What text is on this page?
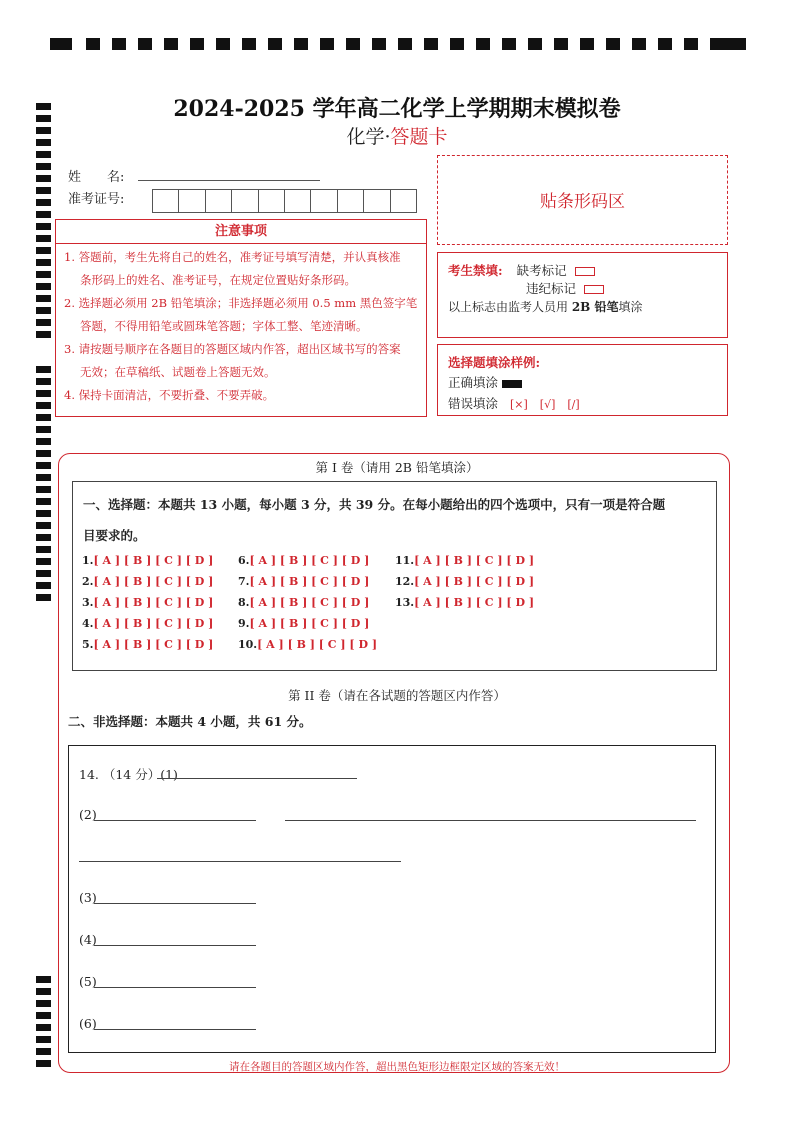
2024-2025 学年高二化学上学期期末模拟卷
化学·答题卡
姓　　名:
准考证号:	贴条形码区
注意事项
1. 答题前，考生先将自己的姓名，准考证号填写清楚，并认真核准
条形码上的姓名、准考证号，在规定位置贴好条形码。
2. 选择题必须用 2B 铅笔填涂；非选择题必须用 0.5 mm 黑色签字笔
答题，不得用铅笔或圆珠笔答题；字体工整、笔迹清晰。
3. 请按题号顺序在各题目的答题区域内作答，超出区域书写的答案
无效；在草稿纸、试题卷上答题无效。
4. 保持卡面清洁，不要折叠、不要弄破。
考生禁填: 缺考标记
违纪标记
以上标志由监考人员用 2B 铅笔填涂
选择题填涂样例:
正确填涂
错误填涂 [×] [√] [/]
第 I 卷（请用 2B 铅笔填涂）
一、选择题：本题共 13 小题，每小题 3 分，共 39 分。在每小题给出的四个选项中，只有一项是符合题
目要求的。
1.[ A ] [ B ] [ C ] [ D ]
2.[ A ] [ B ] [ C ] [ D ]
3.[ A ] [ B ] [ C ] [ D ]
4.[ A ] [ B ] [ C ] [ D ]
5.[ A ] [ B ] [ C ] [ D ]
6.[ A ] [ B ] [ C ] [ D ]
7.[ A ] [ B ] [ C ] [ D ]
8.[ A ] [ B ] [ C ] [ D ]
9.[ A ] [ B ] [ C ] [ D ]
10.[ A ] [ B ] [ C ] [ D ]
11.[ A ] [ B ] [ C ] [ D ]
12.[ A ] [ B ] [ C ] [ D ]
13.[ A ] [ B ] [ C ] [ D ]
第 II 卷（请在各试题的答题区内作答）
二、非选择题：本题共 4 小题，共 61 分。
14. （14 分）(1)
(2)
(3)
(4)
(5)
(6)
请在各题目的答题区域内作答，超出黑色矩形边框限定区域的答案无效！
